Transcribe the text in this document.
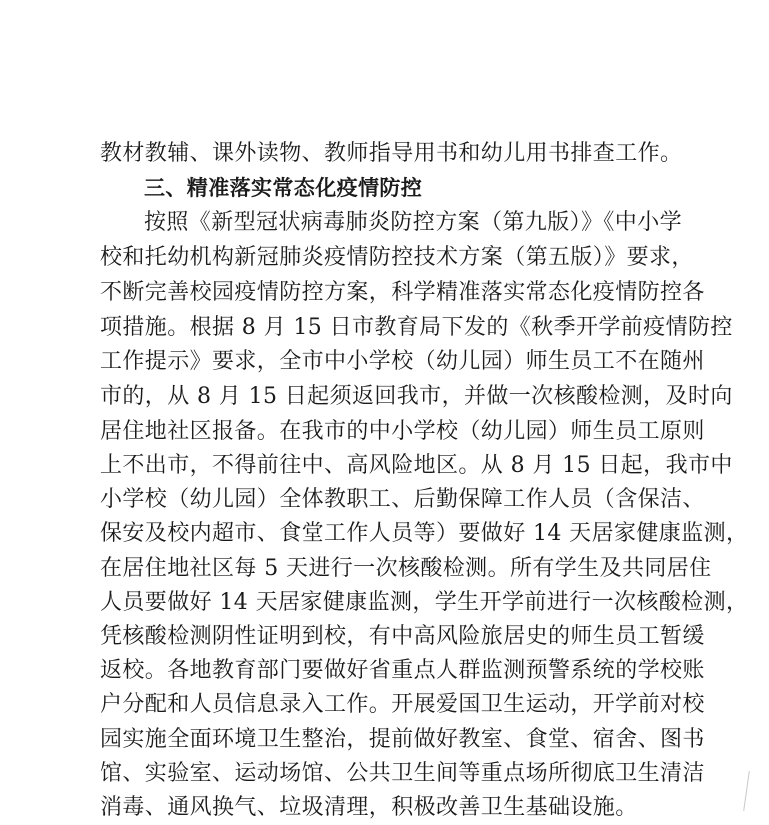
教材教辅、课外读物、教师指导用书和幼儿用书排查工作。
三、精准落实常态化疫情防控
按照《新型冠状病毒肺炎防控方案（第九版）》《中小学
校和托幼机构新冠肺炎疫情防控技术方案（第五版）》要求，
不断完善校园疫情防控方案，科学精准落实常态化疫情防控各
项措施。根据 8 月 15 日市教育局下发的《秋季开学前疫情防控
工作提示》要求，全市中小学校（幼儿园）师生员工不在随州
市的，从 8 月 15 日起须返回我市，并做一次核酸检测，及时向
居住地社区报备。在我市的中小学校（幼儿园）师生员工原则
上不出市，不得前往中、高风险地区。从 8 月 15 日起，我市中
小学校（幼儿园）全体教职工、后勤保障工作人员（含保洁、
保安及校内超市、食堂工作人员等）要做好 14 天居家健康监测，
在居住地社区每 5 天进行一次核酸检测。所有学生及共同居住
人员要做好 14 天居家健康监测，学生开学前进行一次核酸检测，
凭核酸检测阴性证明到校，有中高风险旅居史的师生员工暂缓
返校。各地教育部门要做好省重点人群监测预警系统的学校账
户分配和人员信息录入工作。开展爱国卫生运动，开学前对校
园实施全面环境卫生整治，提前做好教室、食堂、宿舍、图书
馆、实验室、运动场馆、公共卫生间等重点场所彻底卫生清洁
消毒、通风换气、垃圾清理，积极改善卫生基础设施。
